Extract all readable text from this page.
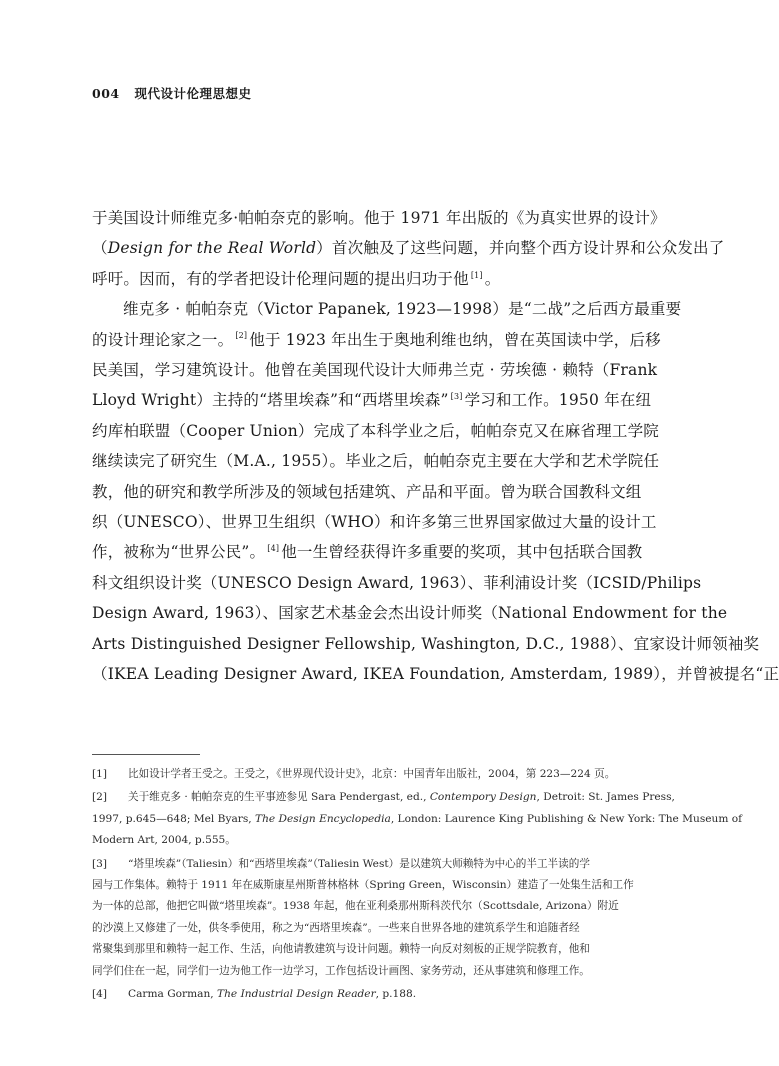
004 现代设计伦理思想史

于美国设计师维克多·帕帕奈克的影响。他于 1971 年出版的《为真实世界的设计》
（Design for the Real World）首次触及了这些问题，并向整个西方设计界和公众发出了
呼吁。因而，有的学者把设计伦理问题的提出归功于他 [1] 。

维克多 · 帕帕奈克（Victor Papanek, 1923—1998）是“二战”之后西方最重要
的设计理论家之一。 [2] 他于 1923 年出生于奥地利维也纳，曾在英国读中学，后移
民美国，学习建筑设计。他曾在美国现代设计大师弗兰克 · 劳埃德 · 赖特（Frank
Lloyd Wright）主持的“塔里埃森”和“西塔里埃森” [3] 学习和工作。1950 年在纽
约库柏联盟（Cooper Union）完成了本科学业之后，帕帕奈克又在麻省理工学院
继续读完了研究生（M.A., 1955）。毕业之后，帕帕奈克主要在大学和艺术学院任
教，他的研究和教学所涉及的领域包括建筑、产品和平面。曾为联合国教科文组
织（UNESCO）、世界卫生组织（WHO）和许多第三世界国家做过大量的设计工
作，被称为“世界公民”。 [4] 他一生曾经获得许多重要的奖项，其中包括联合国教
科文组织设计奖（UNESCO Design Award, 1963）、菲利浦设计奖（ICSID/Philips
Design Award, 1963）、国家艺术基金会杰出设计师奖（National Endowment for the
Arts Distinguished Designer Fellowship, Washington, D.C., 1988）、宜家设计师领袖奖
（IKEA Leading Designer Award, IKEA Foundation, Amsterdam, 1989），并曾被提名“正

[1] 比如设计学者王受之。王受之，《世界现代设计史》，北京：中国青年出版社，2004，第 223—224 页。
[2] 关于维克多 · 帕帕奈克的生平事迹参见 Sara Pendergast, ed., Contempory Design, Detroit: St. James Press,
1997, p.645—648; Mel Byars, The Design Encyclopedia, London: Laurence King Publishing & New York: The Museum of
Modern Art, 2004, p.555。
[3] “塔里埃森”（Taliesin）和“西塔里埃森”（Taliesin West）是以建筑大师赖特为中心的半工半读的学
园与工作集体。赖特于 1911 年在威斯康星州斯普林格林（Spring Green，Wisconsin）建造了一处集生活和工作
为一体的总部，他把它叫做“塔里埃森”。1938 年起，他在亚利桑那州斯科茨代尔（Scottsdale, Arizona）附近
的沙漠上又修建了一处，供冬季使用，称之为“西塔里埃森”。一些来自世界各地的建筑系学生和追随者经
常聚集到那里和赖特一起工作、生活，向他请教建筑与设计问题。赖特一向反对刻板的正规学院教育，他和
同学们住在一起，同学们一边为他工作一边学习，工作包括设计画图、家务劳动，还从事建筑和修理工作。
[4] Carma Gorman, The Industrial Design Reader, p.188.
